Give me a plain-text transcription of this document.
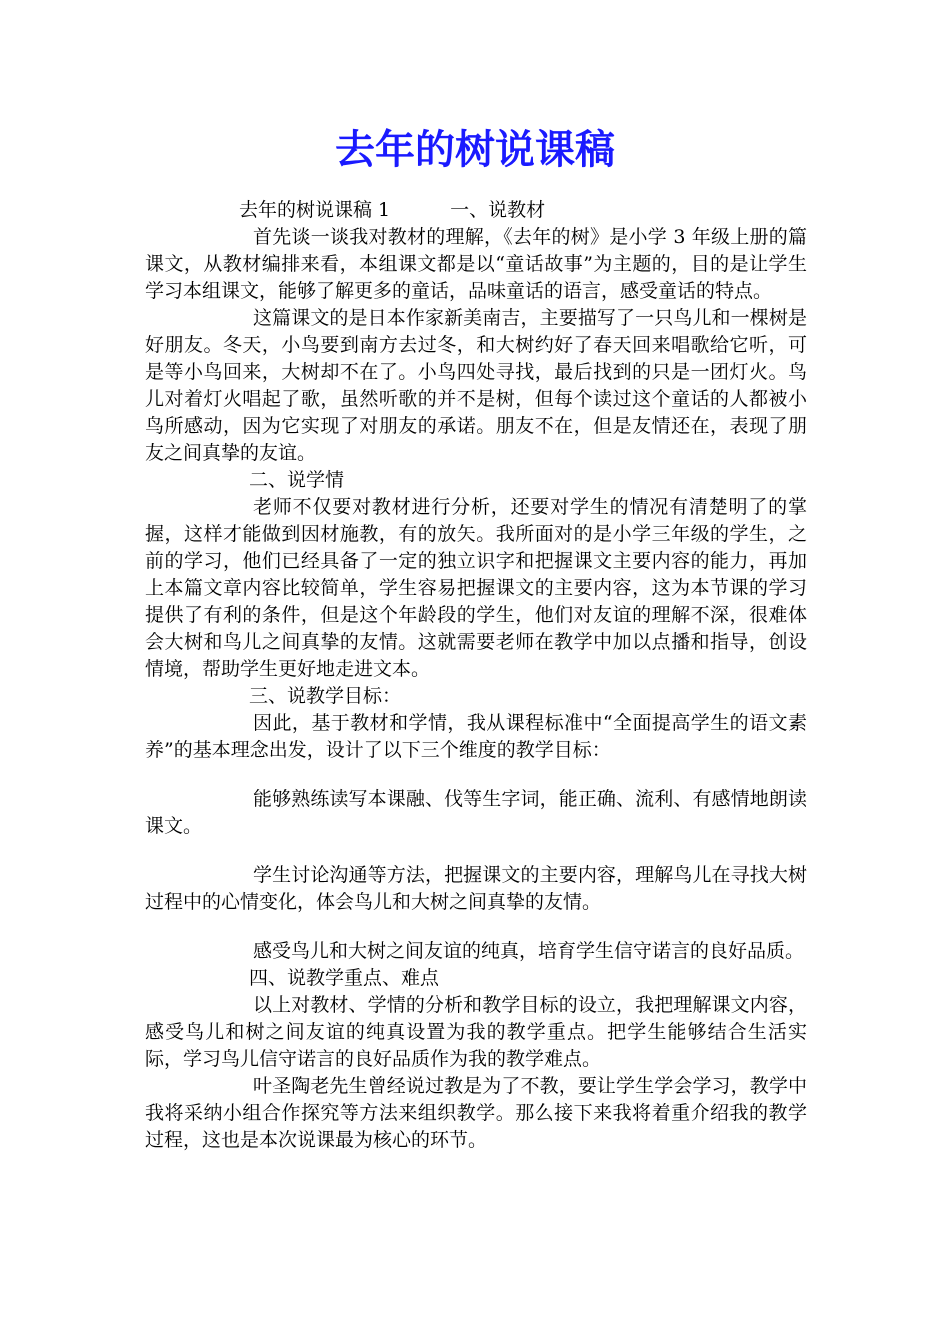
去年的树说课稿

去年的树说课稿 1	一、说教材

首先谈一谈我对教材的理解，《去年的树》是小学 3 年级上册的篇课文，从教材编排来看，本组课文都是以“童话故事”为主题的，目的是让学生学习本组课文，能够了解更多的童话，品味童话的语言，感受童话的特点。

这篇课文的是日本作家新美南吉，主要描写了一只鸟儿和一棵树是好朋友。冬天，小鸟要到南方去过冬，和大树约好了春天回来唱歌给它听，可是等小鸟回来，大树却不在了。小鸟四处寻找，最后找到的只是一团灯火。鸟儿对着灯火唱起了歌，虽然听歌的并不是树，但每个读过这个童话的人都被小鸟所感动，因为它实现了对朋友的承诺。朋友不在，但是友情还在，表现了朋友之间真挚的友谊。

二、说学情

老师不仅要对教材进行分析，还要对学生的情况有清楚明了的掌握，这样才能做到因材施教，有的放矢。我所面对的是小学三年级的学生，之前的学习，他们已经具备了一定的独立识字和把握课文主要内容的能力，再加上本篇文章内容比较简单，学生容易把握课文的主要内容，这为本节课的学习提供了有利的条件，但是这个年龄段的学生，他们对友谊的理解不深，很难体会大树和鸟儿之间真挚的友情。这就需要老师在教学中加以点播和指导，创设情境，帮助学生更好地走进文本。

三、说教学目标：

因此，基于教材和学情，我从课程标准中“全面提高学生的语文素养”的基本理念出发，设计了以下三个维度的教学目标：

能够熟练读写本课融、伐等生字词，能正确、流利、有感情地朗读课文。

学生讨论沟通等方法，把握课文的主要内容，理解鸟儿在寻找大树过程中的心情变化，体会鸟儿和大树之间真挚的友情。

感受鸟儿和大树之间友谊的纯真，培育学生信守诺言的良好品质。

四、说教学重点、难点

以上对教材、学情的分析和教学目标的设立，我把理解课文内容，感受鸟儿和树之间友谊的纯真设置为我的教学重点。把学生能够结合生活实际，学习鸟儿信守诺言的良好品质作为我的教学难点。

叶圣陶老先生曾经说过教是为了不教，要让学生学会学习，教学中我将采纳小组合作探究等方法来组织教学。那么接下来我将着重介绍我的教学过程，这也是本次说课最为核心的环节。
